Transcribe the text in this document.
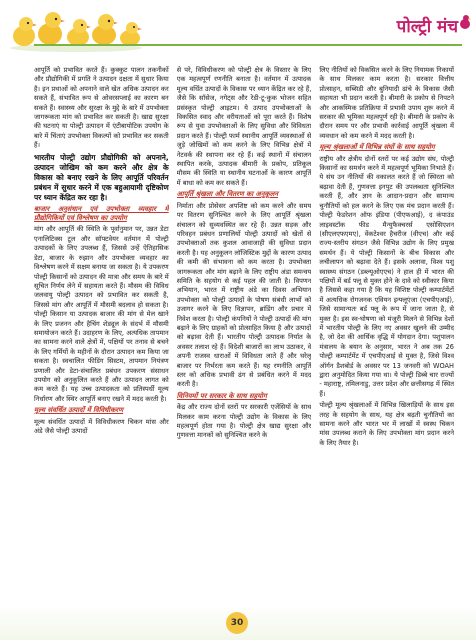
पोल्ट्री मंच

आपूर्ति को प्रभावित करते हैं। कुक्कुट पालन तकनीकों और प्रौद्योगिकी में प्रगति ने उत्पादन दक्षता में सुधार किया है। इन प्रथाओं को अपनाने वाले खेत अधिक उत्पादन कर सकते हैं, संभावित रूप से ओवरसप्लाई का कारण बन सकते हैं। स्वास्थ्य और सुरक्षा के मुद्दे के बारे में उपभोक्ता जागरूकता मांग को प्रभावित कर सकती है। खाद्य सुरक्षा की घटनाएं या पोल्ट्री उत्पादन में एंटीबायोटिक उपयोग के बारे में चिंताएं उपभोक्ता विकल्पों को प्रभावित कर सकती हैं।

भारतीय पोल्ट्री उद्योग प्रौद्योगिकी को अपनाने, उत्पादन जोखिम को कम करने और क्षेत्र के विकास को बनाए रखने के लिए आपूर्ति परिवर्तन प्रबंधन में सुधार करने में एक बहुआयामी दृष्टिकोण पर ध्यान केंद्रित कर रहा है।

बाजार अनुसंधान एवं उपभोक्ता व्यवहार में प्रौद्योगिकियों एवं विश्लेषण का उपयोग

मांग और आपूर्ति की स्थिति के पूर्वानुमान पर, उन्नत डेटा एनालिटिक्स टूल और सॉफ्टवेयर वर्तमान में पोल्ट्री उत्पादकों के लिए उपलब्ध हैं, जिससे उन्हें ऐतिहासिक डेटा, बाजार के रुझान और उपभोक्ता व्यवहार का विश्लेषण करने में सक्षम बनाया जा सकता है। ये उपकरण पोल्ट्री किसानों को उत्पादन की मात्रा और समय के बारे में सूचित निर्णय लेने में सहायता करते हैं। मौसम की विविध जलवायु पोल्ट्री उत्पादन को प्रभावित कर सकती है, जिससे मांग और आपूर्ति में मौसमी बदलाव हो सकता है। पोल्ट्री किसान या उत्पादक बाजार की मांग से मेल खाने के लिए प्रजनन और हैचिंग शेड्यूल के संदर्भ में मौसमी समायोजन करते हैं। उदाहरण के लिए, अत्यधिक तापमान का सामना करने वाले क्षेत्रों में, पक्षियों पर तनाव से बचने के लिए गर्मियों के महीनों के दौरान उत्पादन कम किया जा सकता है। स्वचालित फीडिंग सिस्टम, तापमान नियंत्रण प्रणाली और डेटा-संचालित प्रबंधन उपकरण संसाधन उपयोग को अनुकूलित करते हैं और उत्पादन लागत को कम करते हैं। यह उच्च उत्पादकता को प्रतिस्पर्धी मूल्य निर्धारण और स्थिर आपूर्ति बनाए रखने में मदद करती है।

मूल्य संवर्धित उत्पादों में विविधीकरण

मूल्य संवर्धित उत्पादों में विविधीकरण चिकन मांस और अंडे जैसे पोल्ट्री उत्पादों

से परे, विविधीकरण को पोल्ट्री क्षेत्र के विस्तार के लिए एक महत्वपूर्ण रणनीति बनाता है। वर्तमान में उत्पादक मूल्य वर्धित उत्पादों के विकास पर ध्यान केंद्रित कर रहे हैं, जैसे कि सॉसेज, नगेट्स और रेडी-टू-कुक भोजन सहित प्रसंस्कृत पोल्ट्री आइटम। ये उत्पाद उपभोक्ताओं के विकसित स्वाद और वरीयताओं को पूरा करते हैं। विशेष रूप से युवा उपभोक्ताओं के लिए सुविधा और विविधता प्रदान करते हैं। पोल्ट्री फार्म स्थानीय आपूर्ति व्यवस्थाओं से जुड़े जोखिमों को कम करने के लिए विभिन्न क्षेत्रों में नेटवर्क की स्थापना कर रहे हैं। कई स्थानों में संचालन स्थापित करके, उत्पादक बीमारी के प्रकोप, प्रतिकूल मौसम की स्थिति या स्थानीय घटनाओं के कारण आपूर्ति में बाधा को कम कर सकते हैं।

आपूर्ति श्रृंखला और वितरण का अनुकूलन

निर्माता और प्रोसेसर अपशिष्ट को कम करने और समय पर वितरण सुनिश्चित करने के लिए आपूर्ति श्रृंखला संचालन को सुव्यवस्थित कर रहे हैं। उन्नत सड़क और परिवहन प्रबंधन प्रणालियों पोल्ट्री उत्पादों को खेतों से उपभोक्ताओं तक कुशल आवाजाही की सुविधा प्रदान करती है। यह अनुकूलन लॉजिस्टिक मुद्दों के कारण उत्पाद की कमी की संभावना को कम करता है। उपभोक्ता जागरूकता और मांग बढ़ाने के लिए राष्ट्रीय अंडा समन्वय समिति के सहयोग से कई पहल की जाती है। विपणन अभियान, भारत में राष्ट्रीय अंडे का दिवस अभियान उपभोक्ता को पोल्ट्री उत्पादों के पोषण संबंधी लाभों को उजागर करने के लिए विज्ञापन, ब्रांडिंग और प्रचार में निवेश करता है। पोल्ट्री कंपनियों ने पोल्ट्री उत्पादों की मांग बढ़ाने के लिए ग्राहकों को प्रोत्साहित किया है और उत्पादों को बढ़ावा देती हैं। भारतीय पोल्ट्री उत्पादक निर्यात के अवसर तलाश रहे हैं। विदेशी बाजारों का लाभ उठाकर, वे अपनी राजस्व धाराओं में विविधता लाते हैं और घरेलू बाजार पर निर्भरता कम करते हैं। यह रणनीति आपूर्ति स्तर को अधिक प्रभावी ढंग से प्रबंधित करने में मदद करती है।

विनियमों पर सरकार के साथ सहयोग

केंद्र और राज्य दोनों स्तरों पर सरकारी एजेंसियों के साथ मिलकर काम करना पोल्ट्री उद्योग के विकास के लिए महत्वपूर्ण होता गया है। पोल्ट्री क्षेत्र खाद्य सुरक्षा और गुणवत्ता मानकों को सुनिश्चित करने के

लिए नीतियों को विकसित करने के लिए नियामक निकायों के साथ मिलकर काम करता है। सरकार वित्तीय प्रोत्साहन, सब्सिडी और बुनियादी ढांचे के विकास जैसी सहायता भी प्रदान करती है। बीमारी के प्रकोप से निपटने और आकस्मिक प्रतिक्रिया में प्रभावी उपाय शुरू करने में सरकार की भूमिका महत्वपूर्ण रही है। बीमारी के प्रकोप के दौरान समय पर और प्रभावी कार्रवाई आपूर्ति श्रृंखला में व्यवधान को कम करने में मदद करती है।

मूल्य श्रृंखलाओं में विभिन्न संघों के साथ सहयोग

राष्ट्रीय और क्षेत्रीय दोनों स्तरों पर कई उद्योग संघ, पोल्ट्री किसानों का समर्थन करने में महत्वपूर्ण भूमिका निभाते हैं। ये संघ उन नीतियों की वकालत करते हैं जो स्थिरता को बढ़ावा देती हैं, गुणवत्ता इनपुट की उपलब्धता सुनिश्चित करती हैं, और ज्ञान के आदान-प्रदान और सामान्य चुनौतियों को हल करने के लिए एक मंच प्रदान करती हैं। पोल्ट्री फेडरेशन ऑफ इंडिया (पीएफआई), द कंपाउंड लाइवस्टॉक फीड मैन्युफैक्चरर्स एसोसिएशन (सीएलएफएमए), वेंकटेश्वर हैचरीज (वीएच) और कई राज्य-स्तरीय संगठन जैसे विभिन्न उद्योग के लिए प्रमुख समर्थन हैं। ये पोल्ट्री किसानों के बीच विकास और लचीलापन को बढ़ावा देते हैं। इसके अलावा, विश्व पशु स्वास्थ्य संगठन (डब्ल्यूओएएच) ने हाल ही में भारत की पक्षियों में बर्ड फ्लू से मुक्त होने के दावे को स्वीकार किया है जिससे कहा गया है कि यह विशिष्ट पोल्ट्री कम्पार्टमेंटों में अत्यधिक रोगजनक एवियन इन्फ्लूएंजा (एचपीएआई), जिसे सामान्यतः बर्ड फ्लू के रूप में जाना जाता है, से मुक्त है। इस स्व-घोषणा को मंजूरी मिलने से विभिन्न देशों में भारतीय पोल्ट्री के लिए नए अवसर खुलने की उम्मीद है, जो देश की आर्थिक वृद्धि में योगदान देगा। पशुपालन मंत्रालय के बयान के अनुसार, भारत ने अब तक 26 पोल्ट्री कम्पार्टमेंट में एचपीएआई से मुक्त है, जिसे विश्व ऑर्गन डैशबोर्ड के अवसर पर 13 जनवरी को WOAH द्वारा अनुमोदित किया गया था। ये पोल्ट्री डिब्बे चार राज्यों - महाराष्ट्र, तमिलनाडु, उत्तर प्रदेश और छत्तीसगढ़ में स्थित हैं।

पोल्ट्री मूल्य श्रृंखलाओं में विभिन्न खिलाड़ियों के साथ इस तरह के सहयोग के साथ, यह क्षेत्र बढ़ती चुनौतियों का सामना करने और भारत भर में लाखों में स्वस्थ चिकन मांस उपलब्ध कराने के लिए उपभोक्ता मांग प्रदान करने के लिए तैयार है।

30
